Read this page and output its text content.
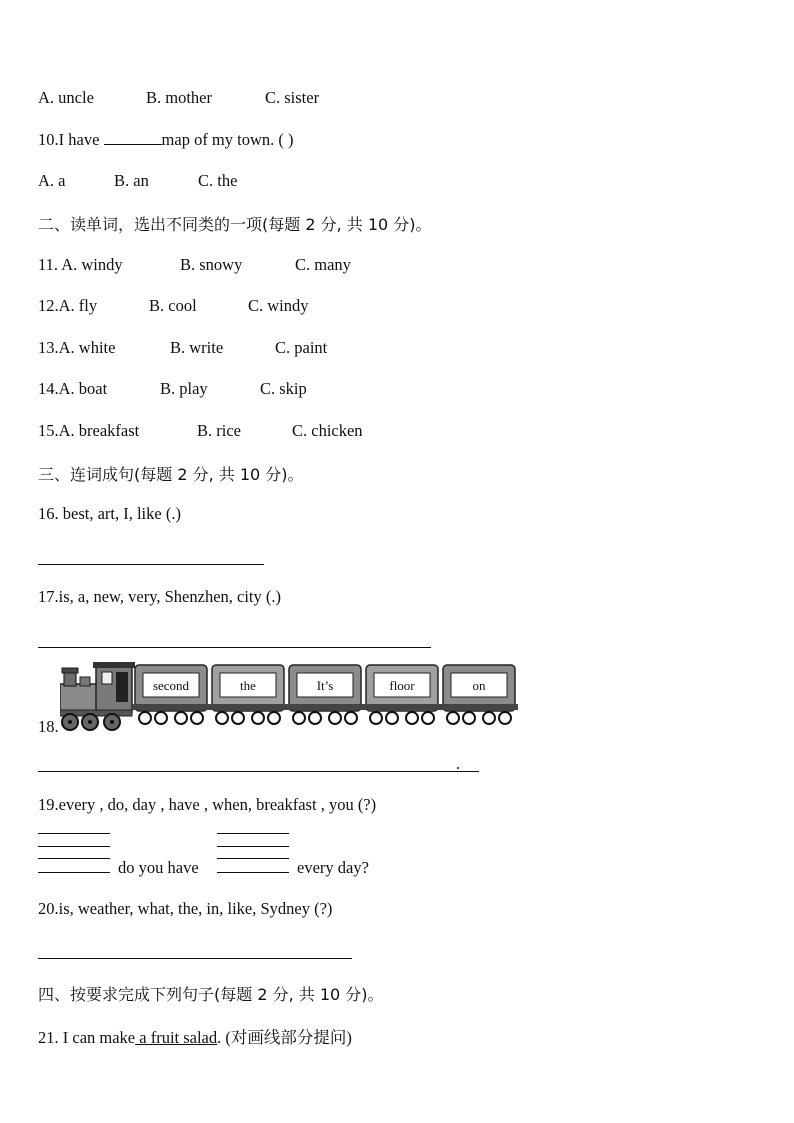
A. uncle	B. mother	C. sister
10.I have	map of my town. ( )
A. a	B. an	C. the
二、读单词，选出不同类的一项(每题 2 分, 共 10 分)。
11. A. windy	B. snowy	C. many
12.A. fly	B. cool	C. windy
13.A. white	B. write	C. paint
14.A. boat	B. play	C. skip
15.A. breakfast	B. rice	C. chicken
三、连词成句(每题 2 分, 共 10 分)。
16. best, art, I, like (.)
17.is, a, new, very, Shenzhen, city (.)
18.
second	the	It’s	floor	on
.
19.every , do, day , have , when, breakfast , you (?)
do you have	every day?
20.is, weather, what, the, in, like, Sydney (?)
四、按要求完成下列句子(每题 2 分, 共 10 分)。
21. I can make a fruit salad. (对画线部分提问)
